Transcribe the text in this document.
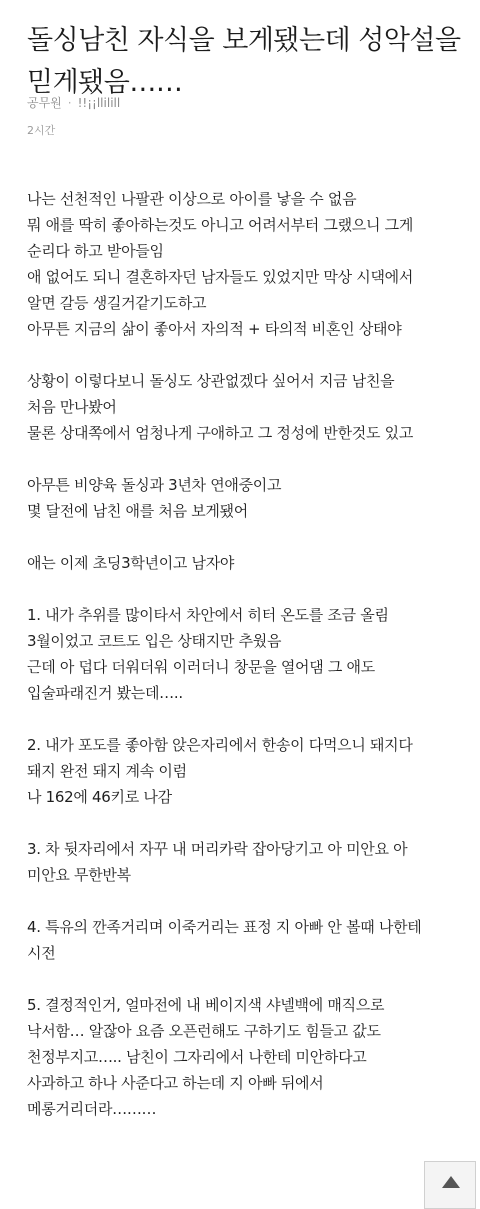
돌싱남친 자식을 보게됐는데 성악설을 믿게됐음……
공무원 · !!¡¡llilill
2시간
나는 선천적인 나팔관 이상으로 아이를 낳을 수 없음
뭐 애를 딱히 좋아하는것도 아니고 어려서부터 그랬으니 그게
순리다 하고 받아들임
애 없어도 되니 결혼하자던 남자들도 있었지만 막상 시댁에서
알면 갈등 생길거같기도하고
아무튼 지금의 삶이 좋아서 자의적 + 타의적 비혼인 상태야
상황이 이렇다보니 돌싱도 상관없겠다 싶어서 지금 남친을
처음 만나봤어
물론 상대쪽에서 엄청나게 구애하고 그 정성에 반한것도 있고
아무튼 비양육 돌싱과 3년차 연애중이고
몇 달전에 남친 애를 처음 보게됐어
애는 이제 초딩3학년이고 남자야
1. 내가 추위를 많이타서 차안에서 히터 온도를 조금 올림
3월이었고 코트도 입은 상태지만 추웠음
근데 아 덥다 더워더워 이러더니 창문을 열어댐 그 애도
입술파래진거 봤는데…..
2. 내가 포도를 좋아함 앉은자리에서 한송이 다먹으니 돼지다
돼지 완전 돼지 계속 이럼
나 162에 46키로 나감
3. 차 뒷자리에서 자꾸 내 머리카락 잡아당기고 아 미안요 아
미안요 무한반복
4. 특유의 깐족거리며 이죽거리는 표정 지 아빠 안 볼때 나한테
시전
5. 결정적인거, 얼마전에 내 베이지색 샤넬백에 매직으로
낙서함… 알잖아 요즘 오픈런해도 구하기도 힘들고 값도
천정부지고….. 남친이 그자리에서 나한테 미안하다고
사과하고 하나 사준다고 하는데 지 아빠 뒤에서
메롱거리더라………
